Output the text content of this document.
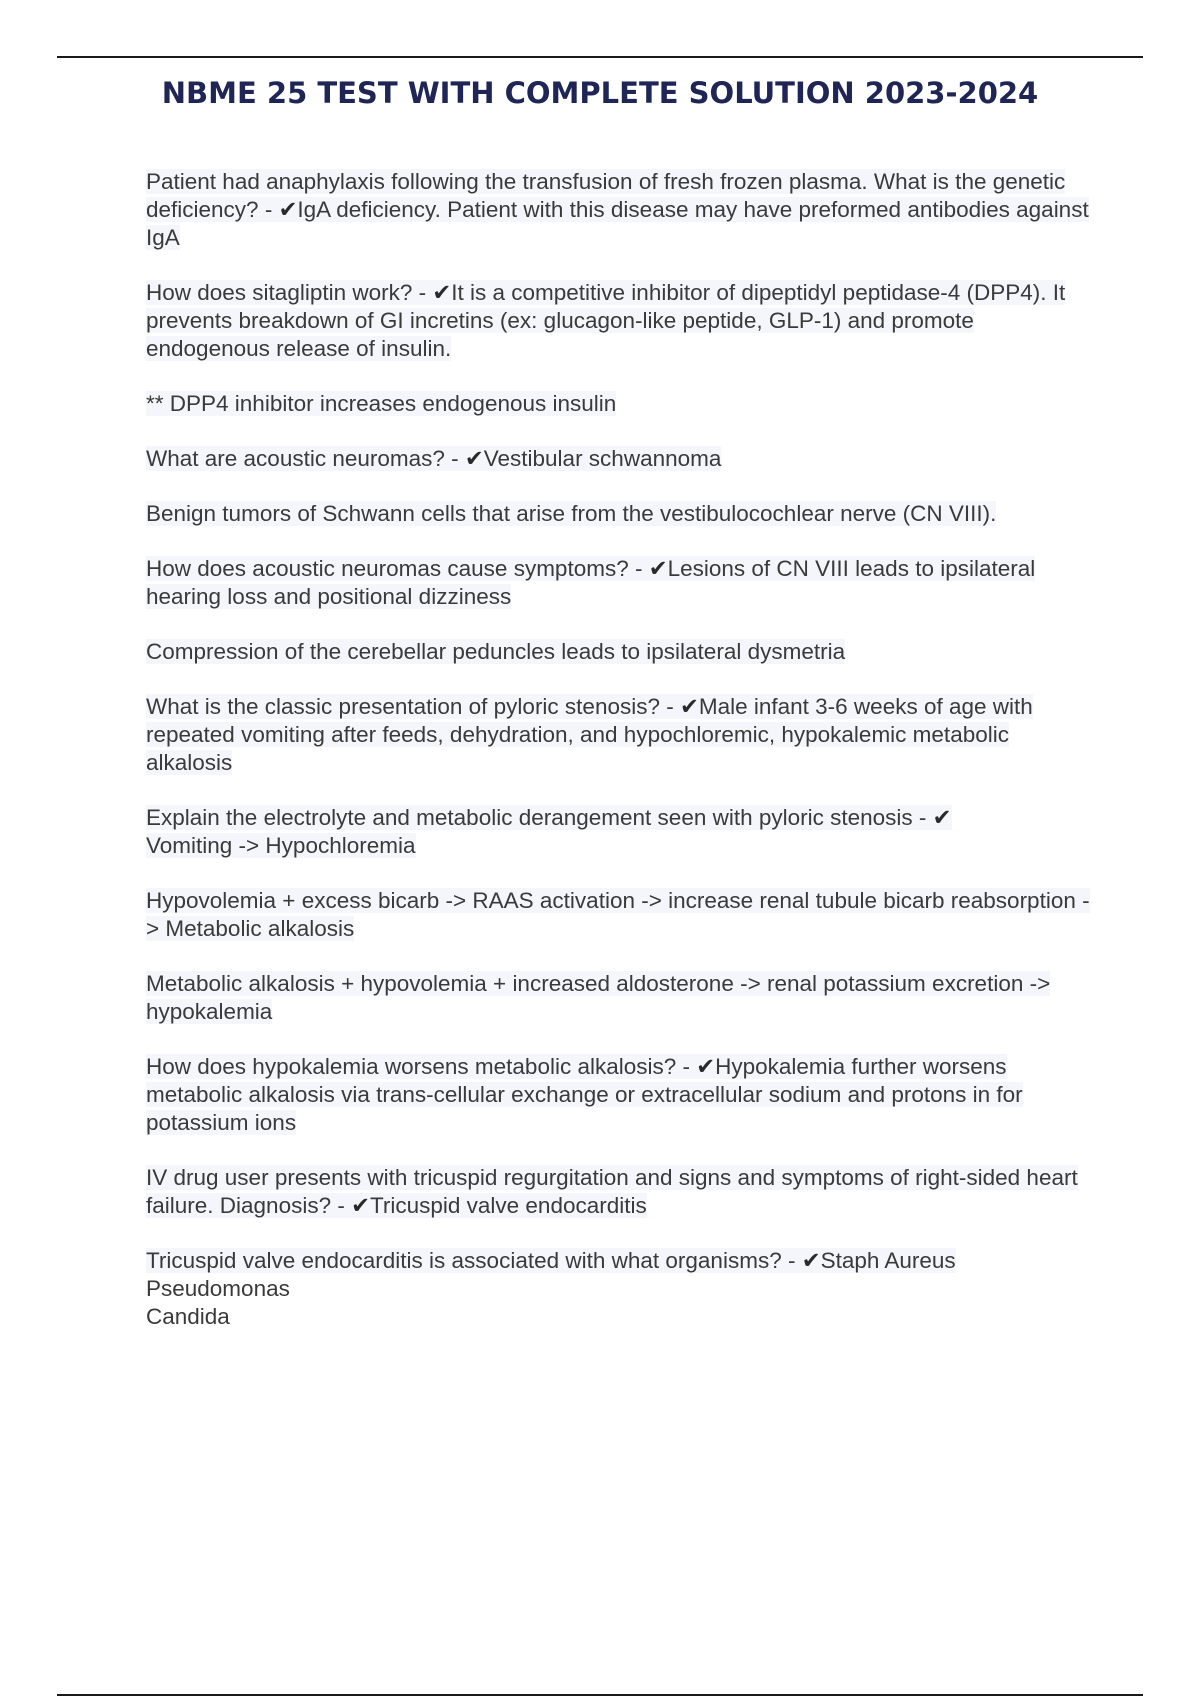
NBME 25 TEST WITH COMPLETE SOLUTION 2023-2024

Patient had anaphylaxis following the transfusion of fresh frozen plasma. What is the genetic deficiency? - ✔IgA deficiency. Patient with this disease may have preformed antibodies against IgA

How does sitagliptin work? - ✔It is a competitive inhibitor of dipeptidyl peptidase-4 (DPP4). It prevents breakdown of GI incretins (ex: glucagon-like peptide, GLP-1) and promote endogenous release of insulin.

** DPP4 inhibitor increases endogenous insulin

What are acoustic neuromas? - ✔Vestibular schwannoma

Benign tumors of Schwann cells that arise from the vestibulocochlear nerve (CN VIII).

How does acoustic neuromas cause symptoms? - ✔Lesions of CN VIII leads to ipsilateral hearing loss and positional dizziness

Compression of the cerebellar peduncles leads to ipsilateral dysmetria

What is the classic presentation of pyloric stenosis? - ✔Male infant 3-6 weeks of age with repeated vomiting after feeds, dehydration, and hypochloremic, hypokalemic metabolic alkalosis

Explain the electrolyte and metabolic derangement seen with pyloric stenosis - ✔
Vomiting -> Hypochloremia

Hypovolemia + excess bicarb -> RAAS activation -> increase renal tubule bicarb reabsorption -> Metabolic alkalosis

Metabolic alkalosis + hypovolemia + increased aldosterone -> renal potassium excretion -> hypokalemia

How does hypokalemia worsens metabolic alkalosis? - ✔Hypokalemia further worsens metabolic alkalosis via trans-cellular exchange or extracellular sodium and protons in for potassium ions

IV drug user presents with tricuspid regurgitation and signs and symptoms of right-sided heart failure. Diagnosis? - ✔Tricuspid valve endocarditis

Tricuspid valve endocarditis is associated with what organisms? - ✔Staph Aureus
Pseudomonas
Candida
